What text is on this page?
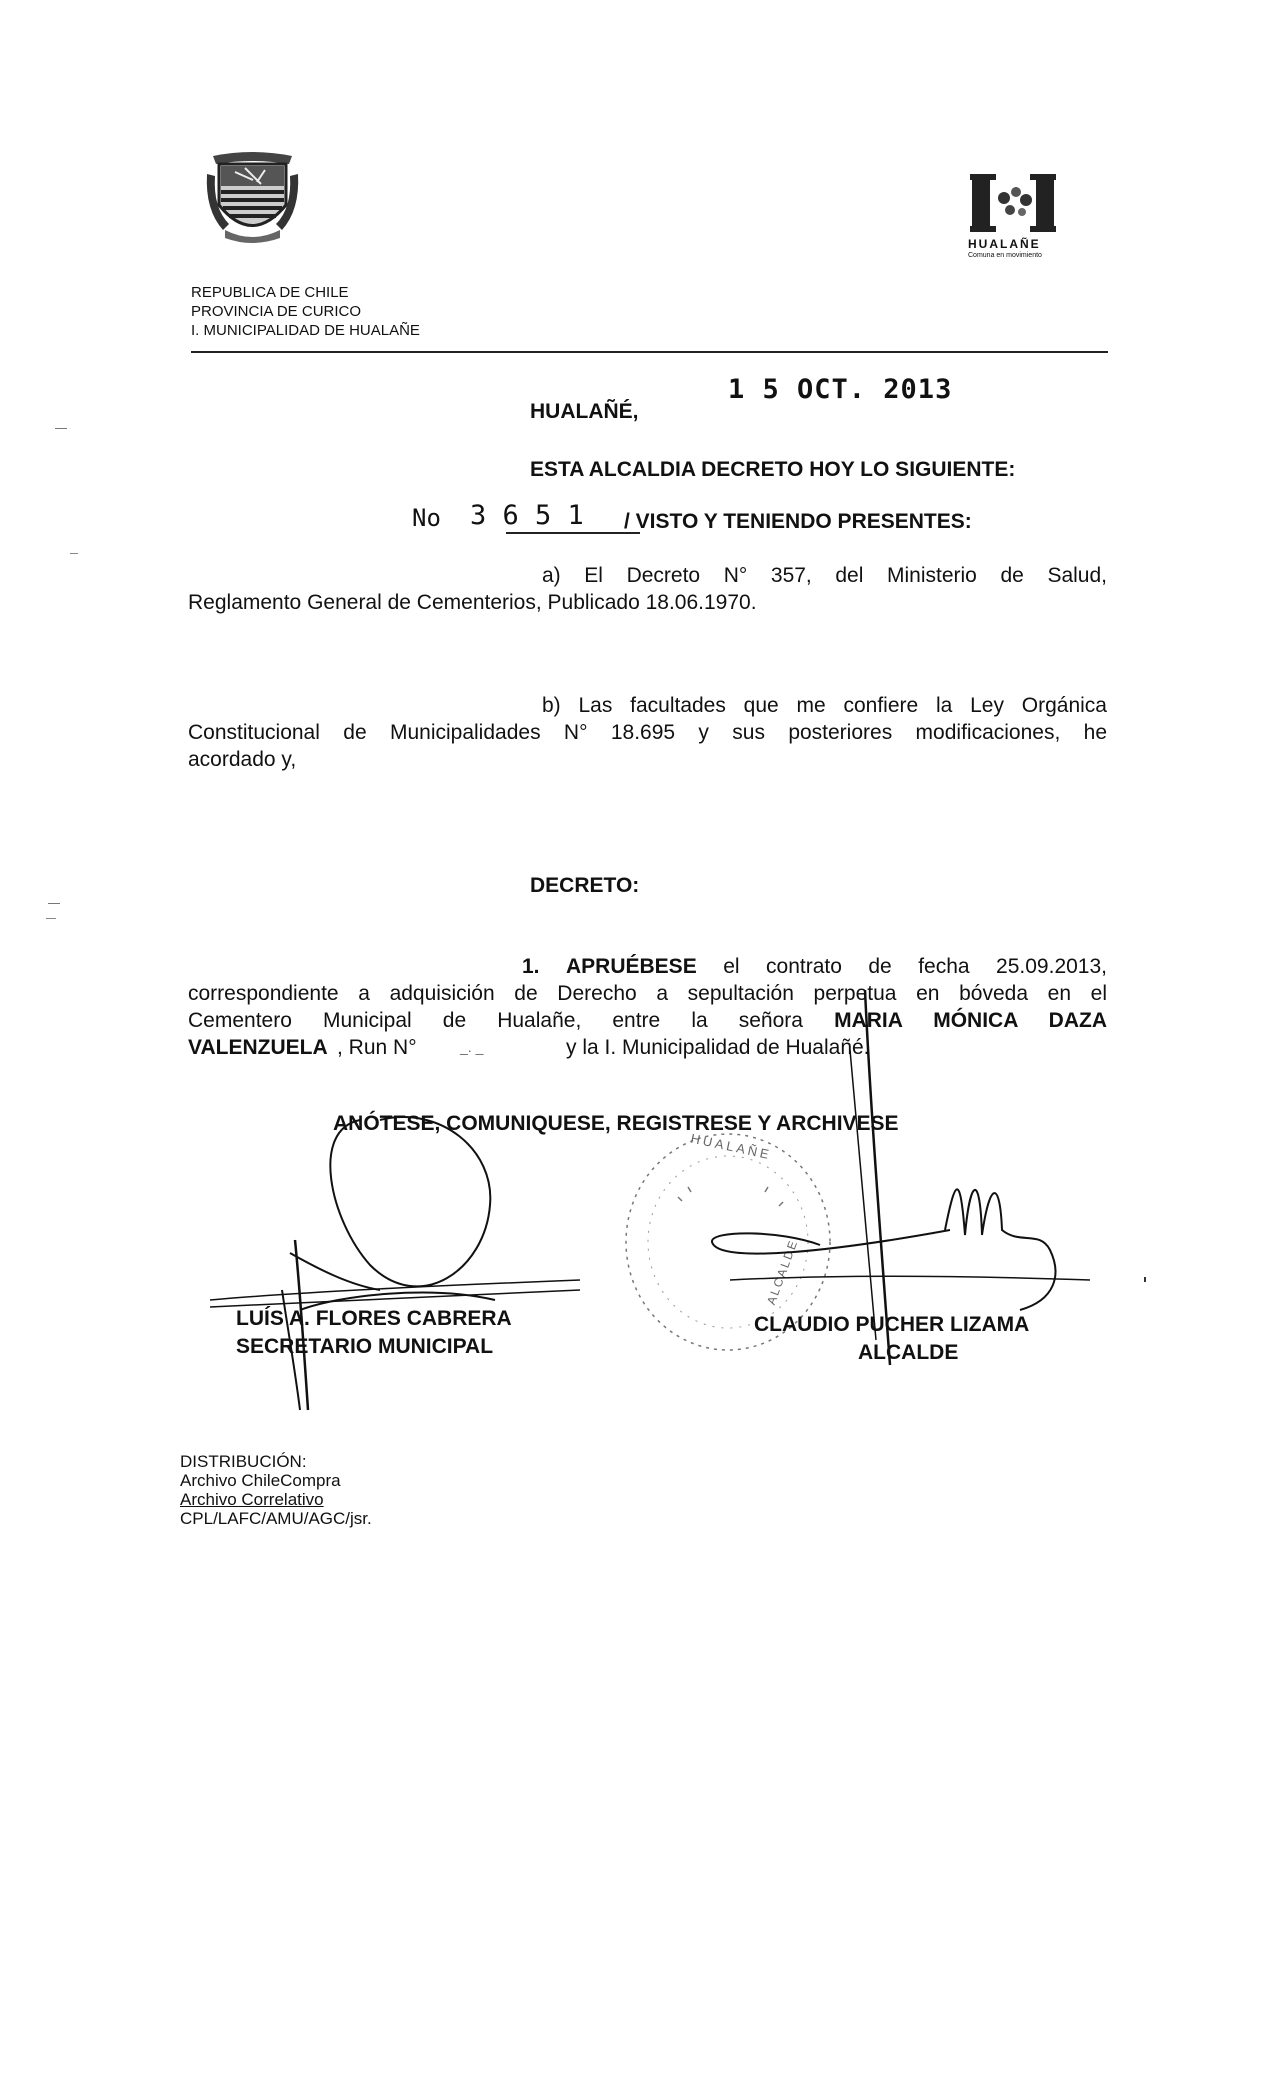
HUALAÑE
Comuna en movimiento
REPUBLICA DE CHILE
PROVINCIA DE CURICO
I. MUNICIPALIDAD DE HUALAÑE
HUALAÑÉ,
1 5 OCT. 2013
ESTA ALCALDIA DECRETO HOY LO SIGUIENTE:
No 3 6 5 1 / VISTO Y TENIENDO PRESENTES:
a) El Decreto N° 357, del Ministerio de Salud,
Reglamento General de Cementerios, Publicado 18.06.1970.
b) Las facultades que me confiere la Ley Orgánica
Constitucional de Municipalidades N° 18.695 y sus posteriores modificaciones, he
acordado y,
DECRETO:
1. APRUÉBESE el contrato de fecha 25.09.2013,
correspondiente a adquisición de Derecho a sepultación perpetua en bóveda en el
Cementero Municipal de Hualañe, entre la señora MARIA MÓNICA DAZA
VALENZUELA , Run N°	_. _	y la I. Municipalidad de Hualañé.
ANÓTESE, COMUNIQUESE, REGISTRESE Y ARCHIVESE
HUALAÑE
ALCALDE
LUÍS A. FLORES CABRERA
SECRETARIO MUNICIPAL
CLAUDIO PUCHER LIZAMA
ALCALDE
DISTRIBUCIÓN:
Archivo ChileCompra
Archivo Correlativo
CPL/LAFC/AMU/AGC/jsr.
